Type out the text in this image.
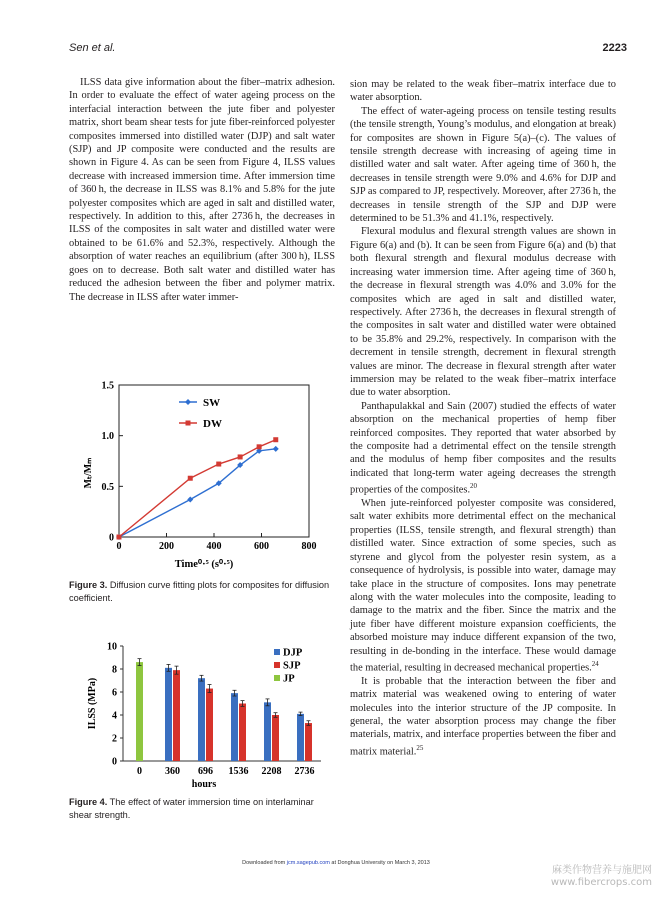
Sen et al.	2223

ILSS data give information about the fiber–matrix adhesion. In order to evaluate the effect of water ageing process on the interfacial interaction between the jute fiber and polyester matrix, short beam shear tests for jute fiber-reinforced polyester composites immersed into distilled water (DJP) and salt water (SJP) and JP composite were conducted and the results are shown in Figure 4. As can be seen from Figure 4, ILSS values decrease with increased immersion time. After immersion time of 360 h, the decrease in ILSS was 8.1% and 5.8% for the jute polyester composites which are aged in salt and distilled water, respectively. In addition to this, after 2736 h, the decreases in ILSS of the composites in salt water and distilled water were obtained to be 61.6% and 52.3%, respectively. Although the absorption of water reaches an equilibrium (after 300 h), ILSS goes on to decrease. Both salt water and distilled water has reduced the adhesion between the fiber and polymer matrix. The decrease in ILSS after water immer-

0	200	400	600	800
0
0.5
1.0
1.5
Time⁰·⁵ (s⁰·⁵)
Mₜ/Mₘ
SW
DW
Figure 3. Diffusion curve fitting plots for composites for diffusion coefficient.
0
2
4
6
8
10
ILSS (MPa)
0 360 696 1536 2208 2736
hours
DJP
SJP
JP
Figure 4. The effect of water immersion time on interlaminar shear strength.

sion may be related to the weak fiber–matrix interface due to water absorption.

The effect of water-ageing process on tensile testing results (the tensile strength, Young’s modulus, and elongation at break) for composites are shown in Figure 5(a)–(c). The values of tensile strength decrease with increasing of ageing time in distilled water and salt water. After ageing time of 360 h, the decreases in tensile strength were 9.0% and 4.6% for DJP and SJP as compared to JP, respectively. Moreover, after 2736 h, the decreases in tensile strength of the SJP and DJP were determined to be 51.3% and 41.1%, respectively.

Flexural modulus and flexural strength values are shown in Figure 6(a) and (b). It can be seen from Figure 6(a) and (b) that both flexural strength and flexural modulus decrease with increasing water immersion time. After ageing time of 360 h, the decrease in flexural strength was 4.0% and 3.0% for the composites which are aged in salt and distilled water, respectively. After 2736 h, the decreases in flexural strength of the composites in salt water and distilled water were obtained to be 35.8% and 29.2%, respectively. In comparison with the decrement in tensile strength, decrement in flexural strength values are minor. The decrease in flexural strength after water immersion may be related to the weak fiber–matrix interface due to water absorption.

Panthapulakkal and Sain (2007) studied the effects of water absorption on the mechanical properties of hemp fiber reinforced composites. They reported that water absorbed by the composite had a detrimental effect on the tensile strength and the modulus of hemp fiber composites and the results indicated that long-term water ageing decreases the strength properties of the composites.$^{20}$

When jute-reinforced polyester composite was considered, salt water exhibits more detrimental effect on the mechanical properties (ILSS, tensile strength, and flexural strength) than distilled water. Since extraction of some species, such as styrene and glycol from the polyester resin system, as a consequence of hydrolysis, is possible into water, damage may take place in the structure of composites. Ions may penetrate along with the water molecules into the composite, leading to damage to the matrix and the fiber. Since the matrix and the jute fiber have different moisture expansion coefficients, the absorbed moisture may induce different expansion of the two, resulting in de-bonding in the interface. These would damage the material, resulting in decreased mechanical properties.$^{24}$

It is probable that the interaction between the fiber and matrix material was weakened owing to entering of water molecules into the interior structure of the JP composite. In general, the water absorption process may change the fiber materials, matrix, and interface properties between the fiber and matrix material.$^{25}$

Downloaded from jcm.sagepub.com at Donghua University on March 3, 2013
麻类作物营养与施肥网
www.fibercrops.com
